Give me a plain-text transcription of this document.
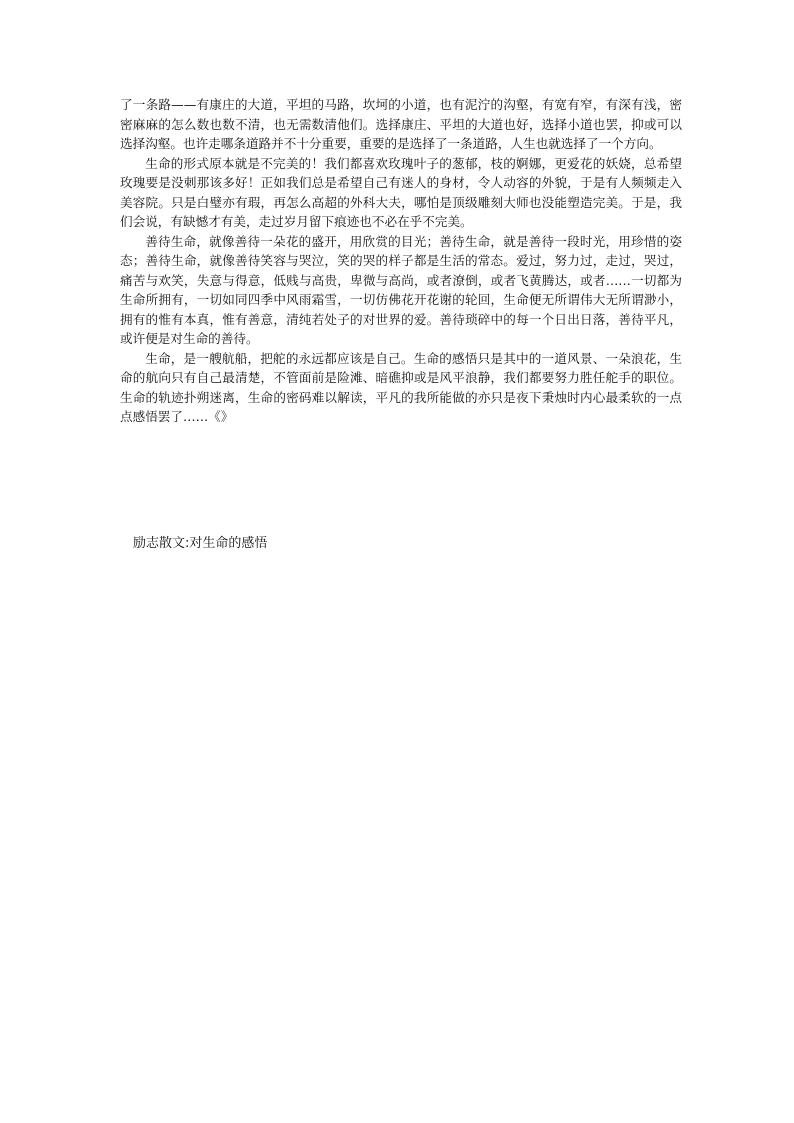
了一条路——有康庄的大道，平坦的马路，坎坷的小道，也有泥泞的沟壑，有宽有窄，有深有浅，密密麻麻的怎么数也数不清，也无需数清他们。选择康庄、平坦的大道也好，选择小道也罢，抑或可以选择沟壑。也许走哪条道路并不十分重要，重要的是选择了一条道路，人生也就选择了一个方向。

生命的形式原本就是不完美的！我们都喜欢玫瑰叶子的葱郁，枝的婀娜，更爱花的妖娆，总希望玫瑰要是没刺那该多好！正如我们总是希望自己有迷人的身材，令人动容的外貌，于是有人频频走入美容院。只是白璧亦有瑕，再怎么高超的外科大夫，哪怕是顶级雕刻大师也没能塑造完美。于是，我们会说，有缺憾才有美，走过岁月留下痕迹也不必在乎不完美。

善待生命，就像善待一朵花的盛开，用欣赏的目光；善待生命，就是善待一段时光，用珍惜的姿态；善待生命，就像善待笑容与哭泣，笑的哭的样子都是生活的常态。爱过，努力过，走过，哭过，痛苦与欢笑，失意与得意，低贱与高贵，卑微与高尚，或者潦倒，或者飞黄腾达，或者……一切都为生命所拥有，一切如同四季中风雨霜雪，一切仿佛花开花谢的轮回，生命便无所谓伟大无所谓渺小，拥有的惟有本真，惟有善意，清纯若处子的对世界的爱。善待琐碎中的每一个日出日落，善待平凡，或许便是对生命的善待。

生命，是一艘航船，把舵的永远都应该是自己。生命的感悟只是其中的一道风景、一朵浪花，生命的航向只有自己最清楚，不管面前是险滩、暗礁抑或是风平浪静，我们都要努力胜任舵手的职位。生命的轨迹扑朔迷离，生命的密码难以解读，平凡的我所能做的亦只是夜下秉烛时内心最柔软的一点点感悟罢了……《》

励志散文:对生命的感悟
